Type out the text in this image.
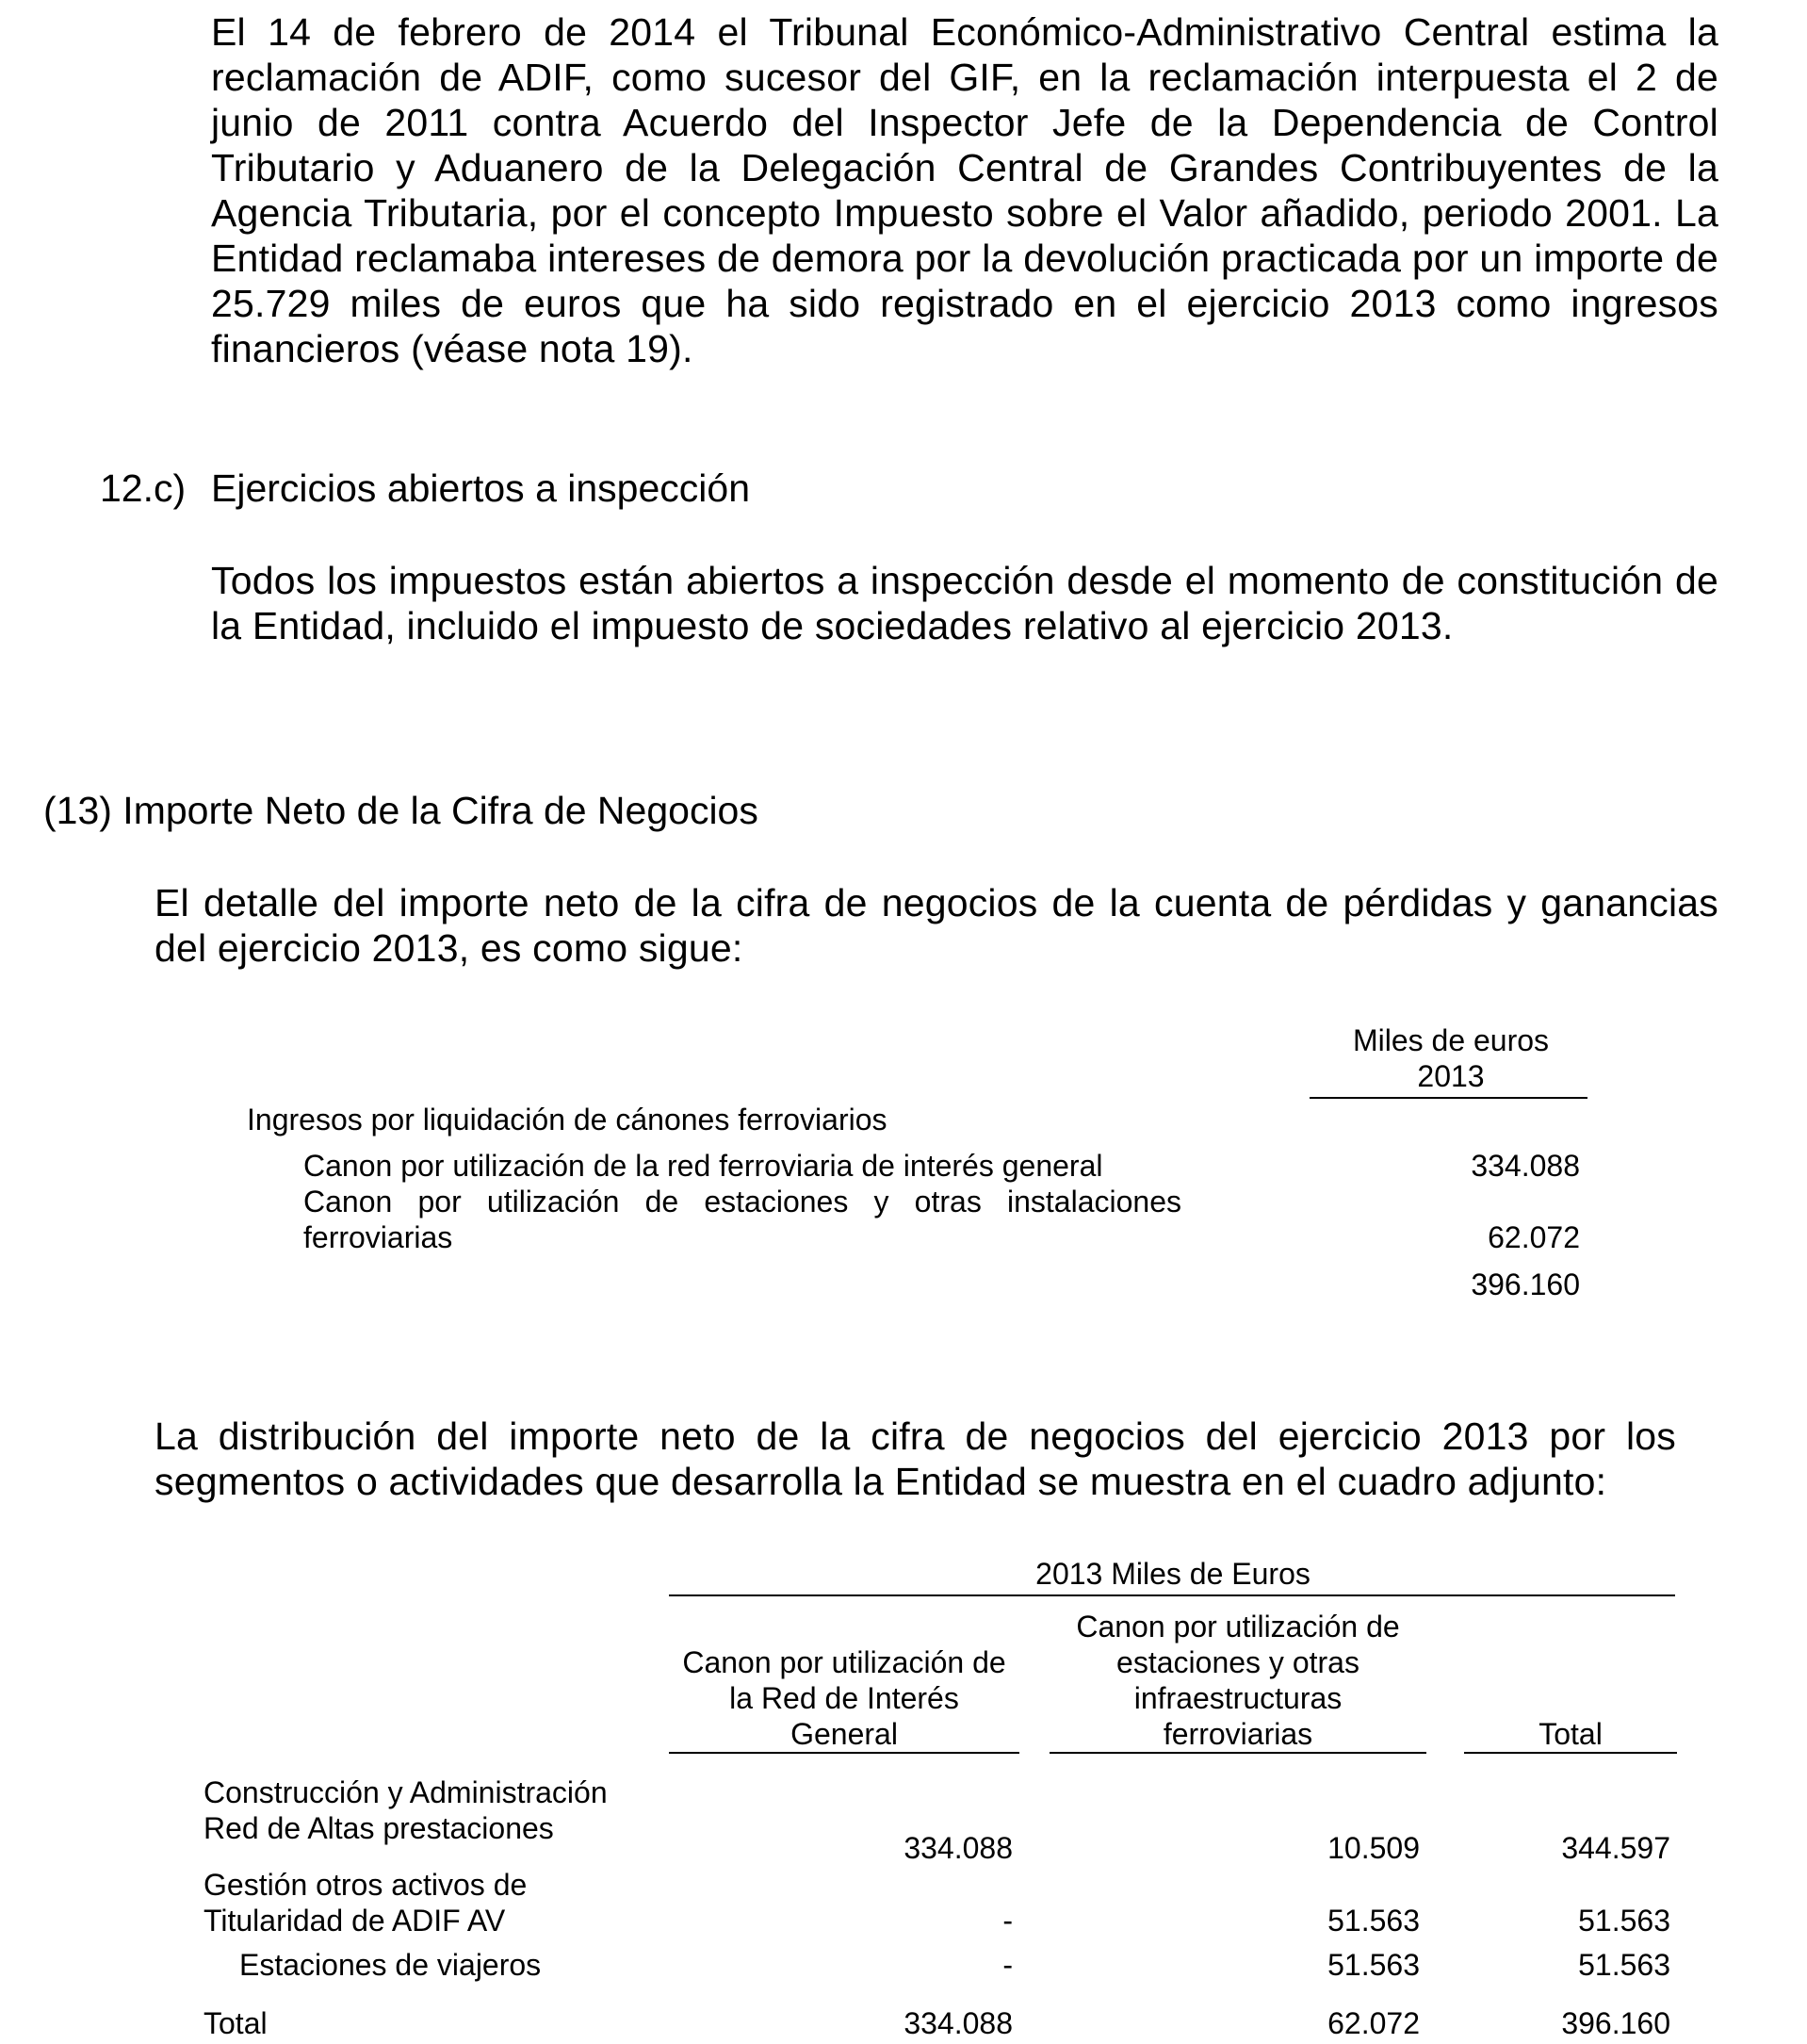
El 14 de febrero de 2014 el Tribunal Económico-Administrativo Central estima la reclamación de ADIF, como sucesor del GIF, en la reclamación interpuesta el 2 de junio de 2011 contra Acuerdo del Inspector Jefe de la Dependencia de Control Tributario y Aduanero de la Delegación Central de Grandes Contribuyentes de la Agencia Tributaria, por el concepto Impuesto sobre el Valor añadido, periodo 2001. La Entidad reclamaba intereses de demora por la devolución practicada por un importe de 25.729 miles de euros que ha sido registrado en el ejercicio 2013 como ingresos financieros (véase nota 19).
12.c) Ejercicios abiertos a inspección
Todos los impuestos están abiertos a inspección desde el momento de constitución de la Entidad, incluido el impuesto de sociedades relativo al ejercicio 2013.
(13) Importe Neto de la Cifra de Negocios
El detalle del importe neto de la cifra de negocios de la cuenta de pérdidas y ganancias del ejercicio 2013, es como sigue:
Miles de euros
2013
Ingresos por liquidación de cánones ferroviarios
Canon por utilización de la red ferroviaria de interés general	334.088
Canon por utilización de estaciones y otras instalaciones
ferroviarias	62.072
396.160
La distribución del importe neto de la cifra de negocios del ejercicio 2013 por los segmentos o actividades que desarrolla la Entidad se muestra en el cuadro adjunto:
2013 Miles de Euros
Canon por utilización de
la Red de Interés
General
Canon por utilización de
estaciones y otras
infraestructuras
ferroviarias	Total
Construcción y Administración
Red de Altas prestaciones
334.088	10.509	344.597
Gestión otros activos de
Titularidad de ADIF AV	-	51.563	51.563
Estaciones de viajeros	-	51.563	51.563
Total	334.088	62.072	396.160
